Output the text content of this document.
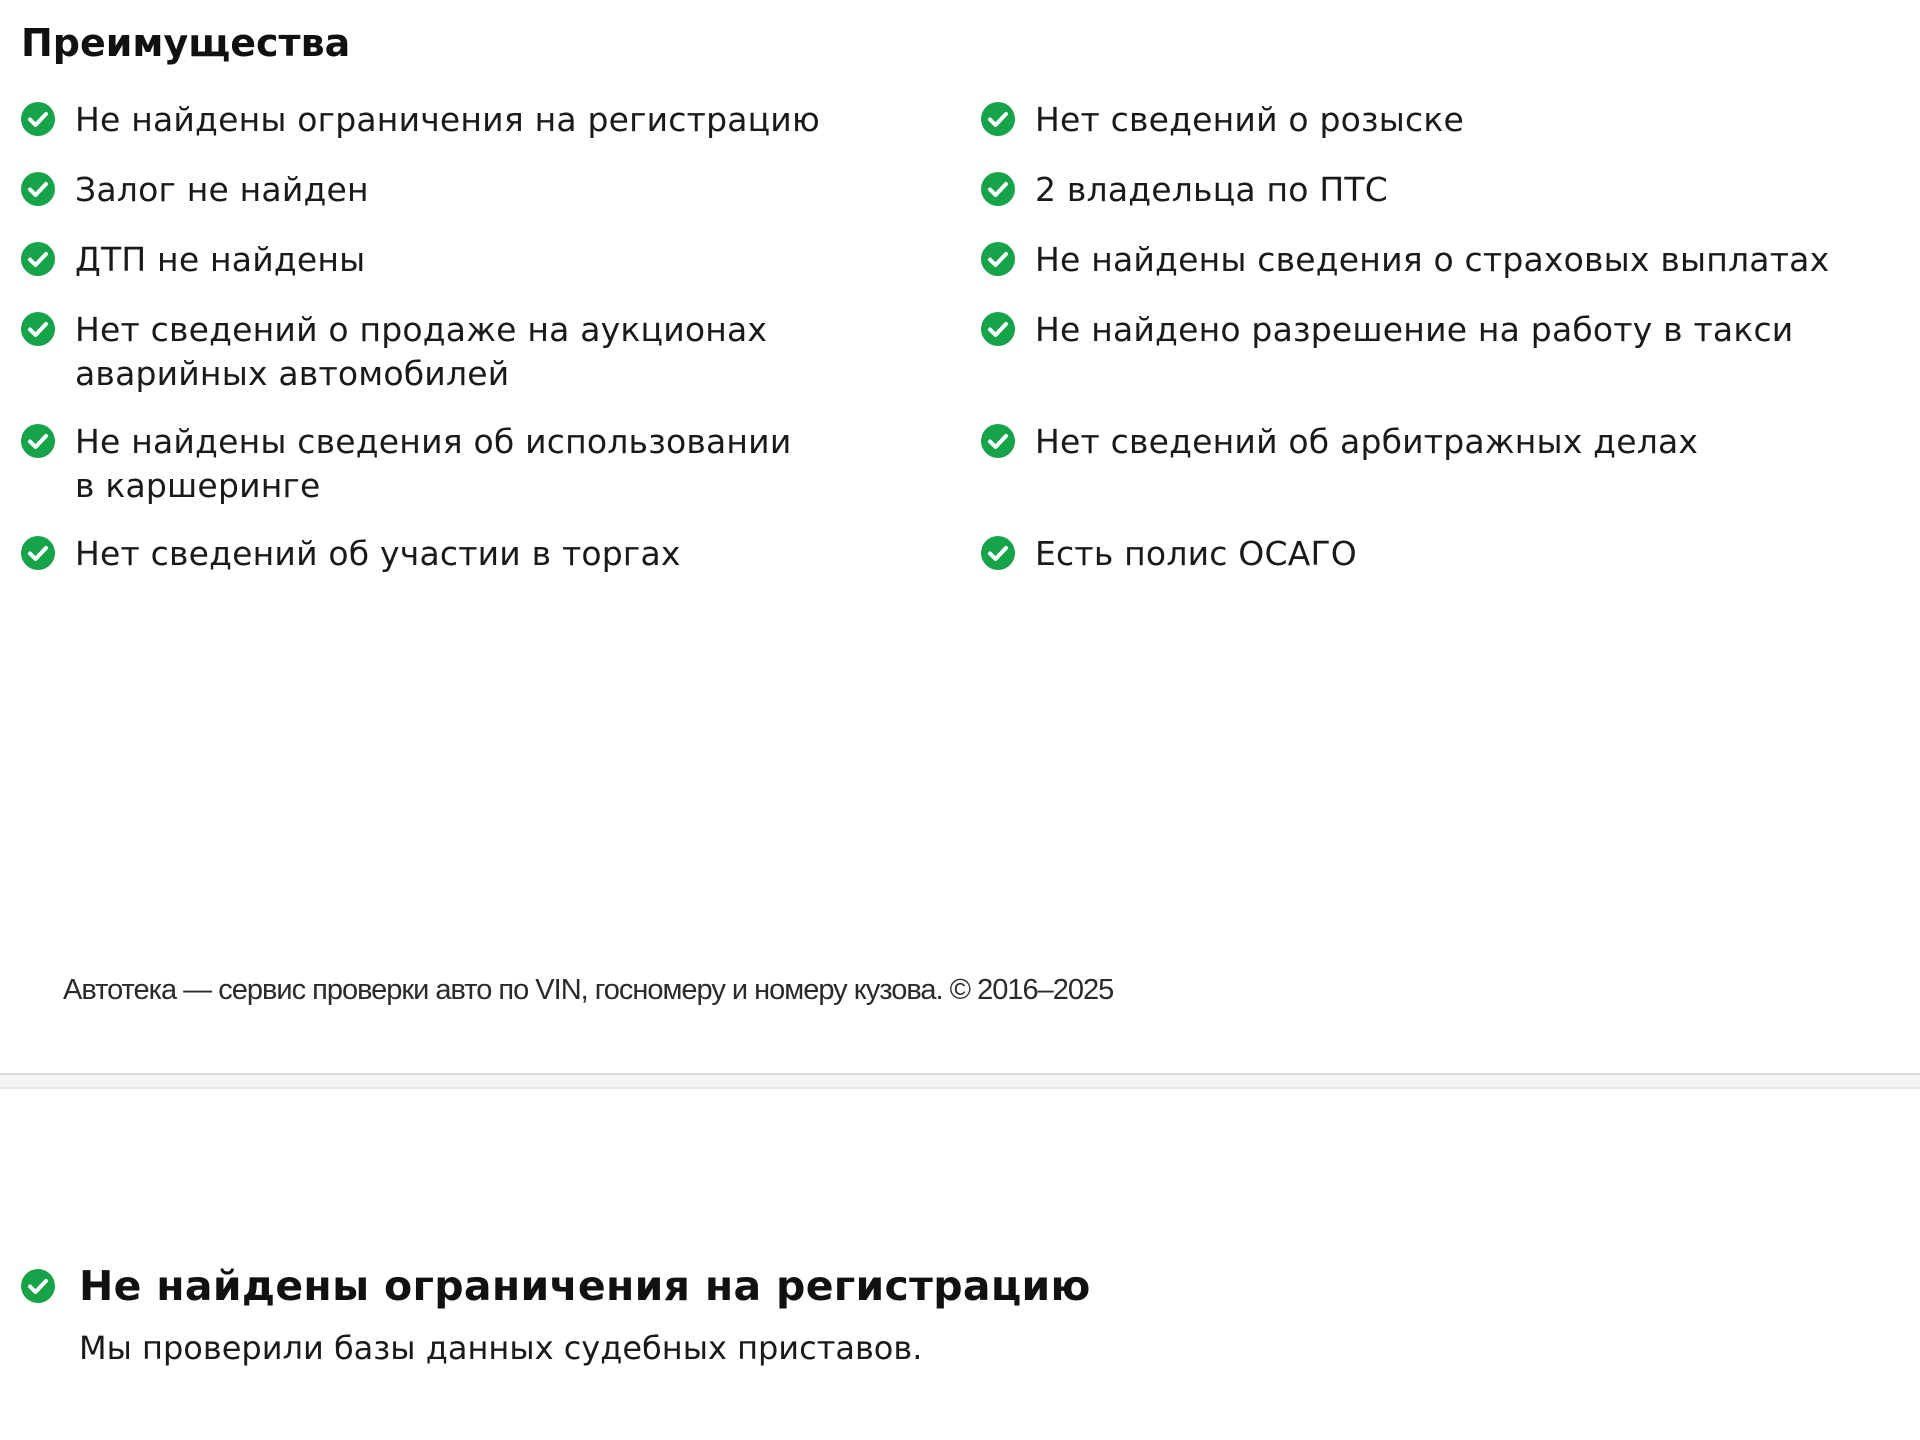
Преимущества
Не найдены ограничения на регистрацию	Нет сведений о розыске
Залог не найден	2 владельца по ПТС
ДТП не найдены	Не найдены сведения о страховых выплатах
Нет сведений о продаже на аукционах аварийных автомобилей
Не найдено разрешение на работу в такси
Не найдены сведения об использовании в каршеринге
Нет сведений об арбитражных делах
Нет сведений об участии в торгах	Есть полис ОСАГО

Автотека — сервис проверки авто по VIN, госномеру и номеру кузова. © 2016–2025

Не найдены ограничения на регистрацию

Мы проверили базы данных судебных приставов.
